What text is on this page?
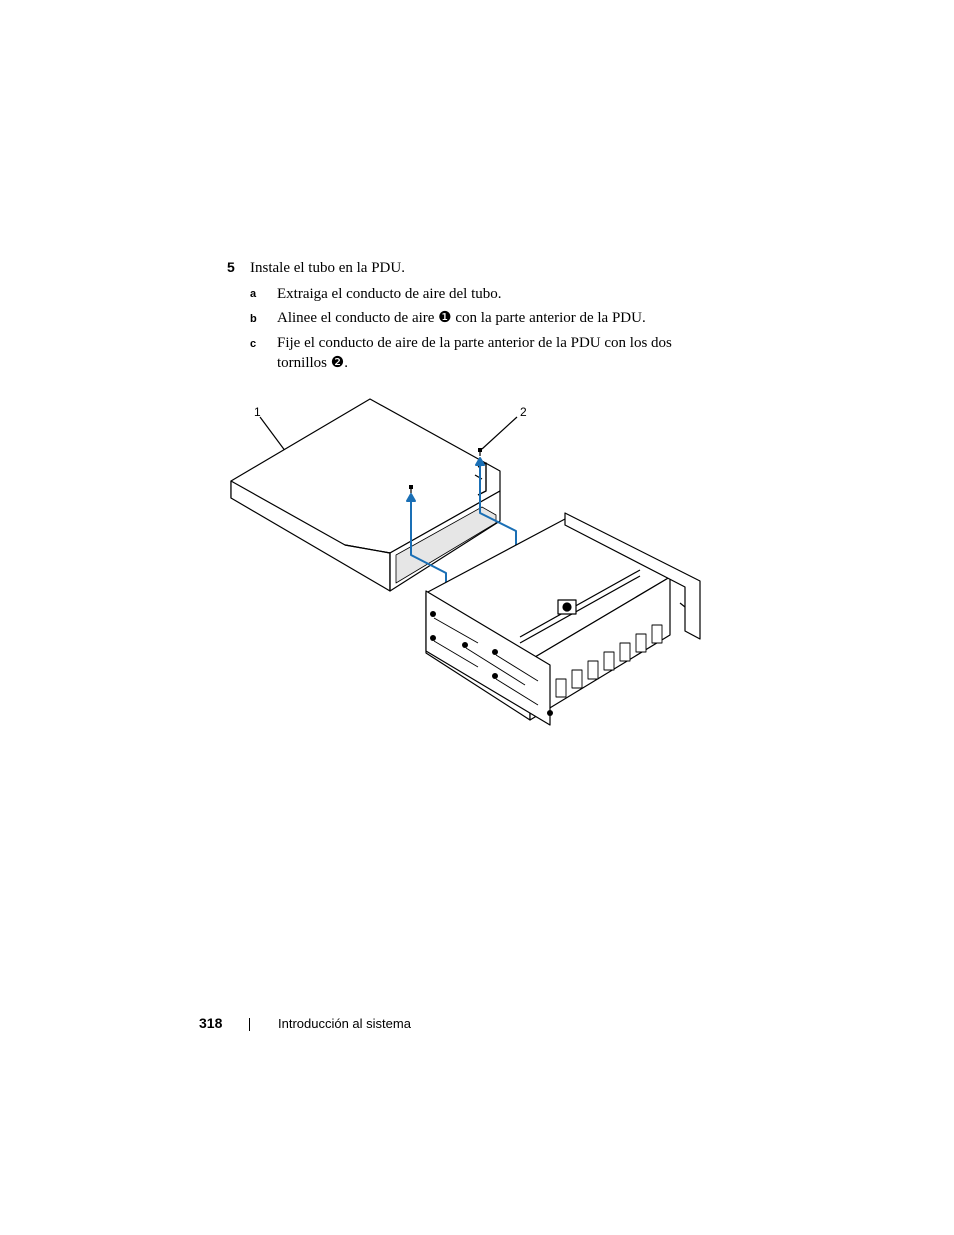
5 Instale el tubo en la PDU.
a Extraiga el conducto de aire del tubo.
b Alinee el conducto de aire ❶ con la parte anterior de la PDU.
c Fije el conducto de aire de la parte anterior de la PDU con los dos tornillos ❷.
1	2
318	Introducción al sistema
